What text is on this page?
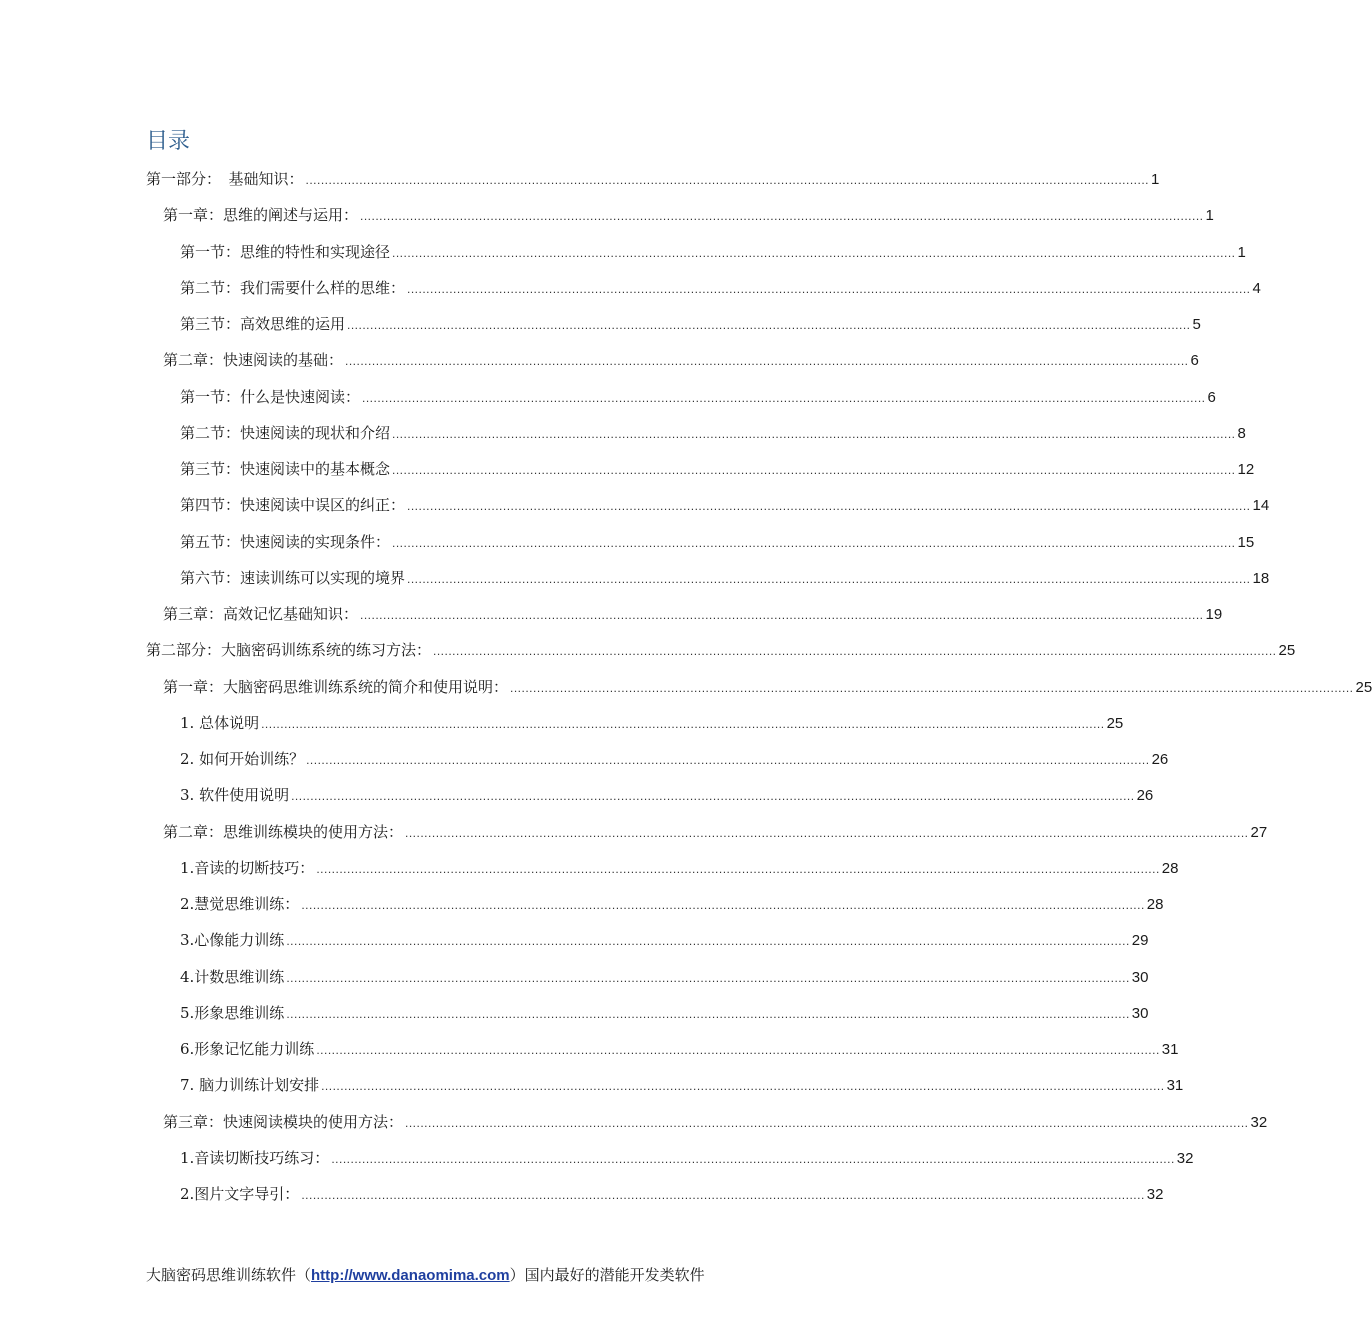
目录
第一部分：　基础知识： ............................................................................................................................................................................................................................ 1
第一章：思维的阐述与运用： ............................................................................................................................................................................................................................ 1
第一节：思维的特性和实现途径 ............................................................................................................................................................................................................................ 1
第二节：我们需要什么样的思维： ............................................................................................................................................................................................................................ 4
第三节：高效思维的运用 ............................................................................................................................................................................................................................ 5
第二章：快速阅读的基础： ............................................................................................................................................................................................................................ 6
第一节：什么是快速阅读： ............................................................................................................................................................................................................................ 6
第二节：快速阅读的现状和介绍 ............................................................................................................................................................................................................................ 8
第三节：快速阅读中的基本概念 ............................................................................................................................................................................................................................ 12
第四节：快速阅读中误区的纠正： ............................................................................................................................................................................................................................ 14
第五节：快速阅读的实现条件： ............................................................................................................................................................................................................................ 15
第六节：速读训练可以实现的境界 ............................................................................................................................................................................................................................ 18
第三章：高效记忆基础知识： ............................................................................................................................................................................................................................ 19
第二部分：大脑密码训练系统的练习方法： ............................................................................................................................................................................................................................ 25
第一章：大脑密码思维训练系统的简介和使用说明： ............................................................................................................................................................................................................................ 25
1. 总体说明 ............................................................................................................................................................................................................................ 25
2. 如何开始训练？ ............................................................................................................................................................................................................................ 26
3. 软件使用说明 ............................................................................................................................................................................................................................ 26
第二章：思维训练模块的使用方法： ............................................................................................................................................................................................................................ 27
1.音读的切断技巧： ............................................................................................................................................................................................................................ 28
2.慧觉思维训练： ............................................................................................................................................................................................................................ 28
3.心像能力训练 ............................................................................................................................................................................................................................ 29
4.计数思维训练 ............................................................................................................................................................................................................................ 30
5.形象思维训练 ............................................................................................................................................................................................................................ 30
6.形象记忆能力训练 ............................................................................................................................................................................................................................ 31
7. 脑力训练计划安排 ............................................................................................................................................................................................................................ 31
第三章：快速阅读模块的使用方法： ............................................................................................................................................................................................................................ 32
1.音读切断技巧练习： ............................................................................................................................................................................................................................ 32
2.图片文字导引： ............................................................................................................................................................................................................................ 32
大脑密码思维训练软件（http://www.danaomima.com）国内最好的潜能开发类软件
